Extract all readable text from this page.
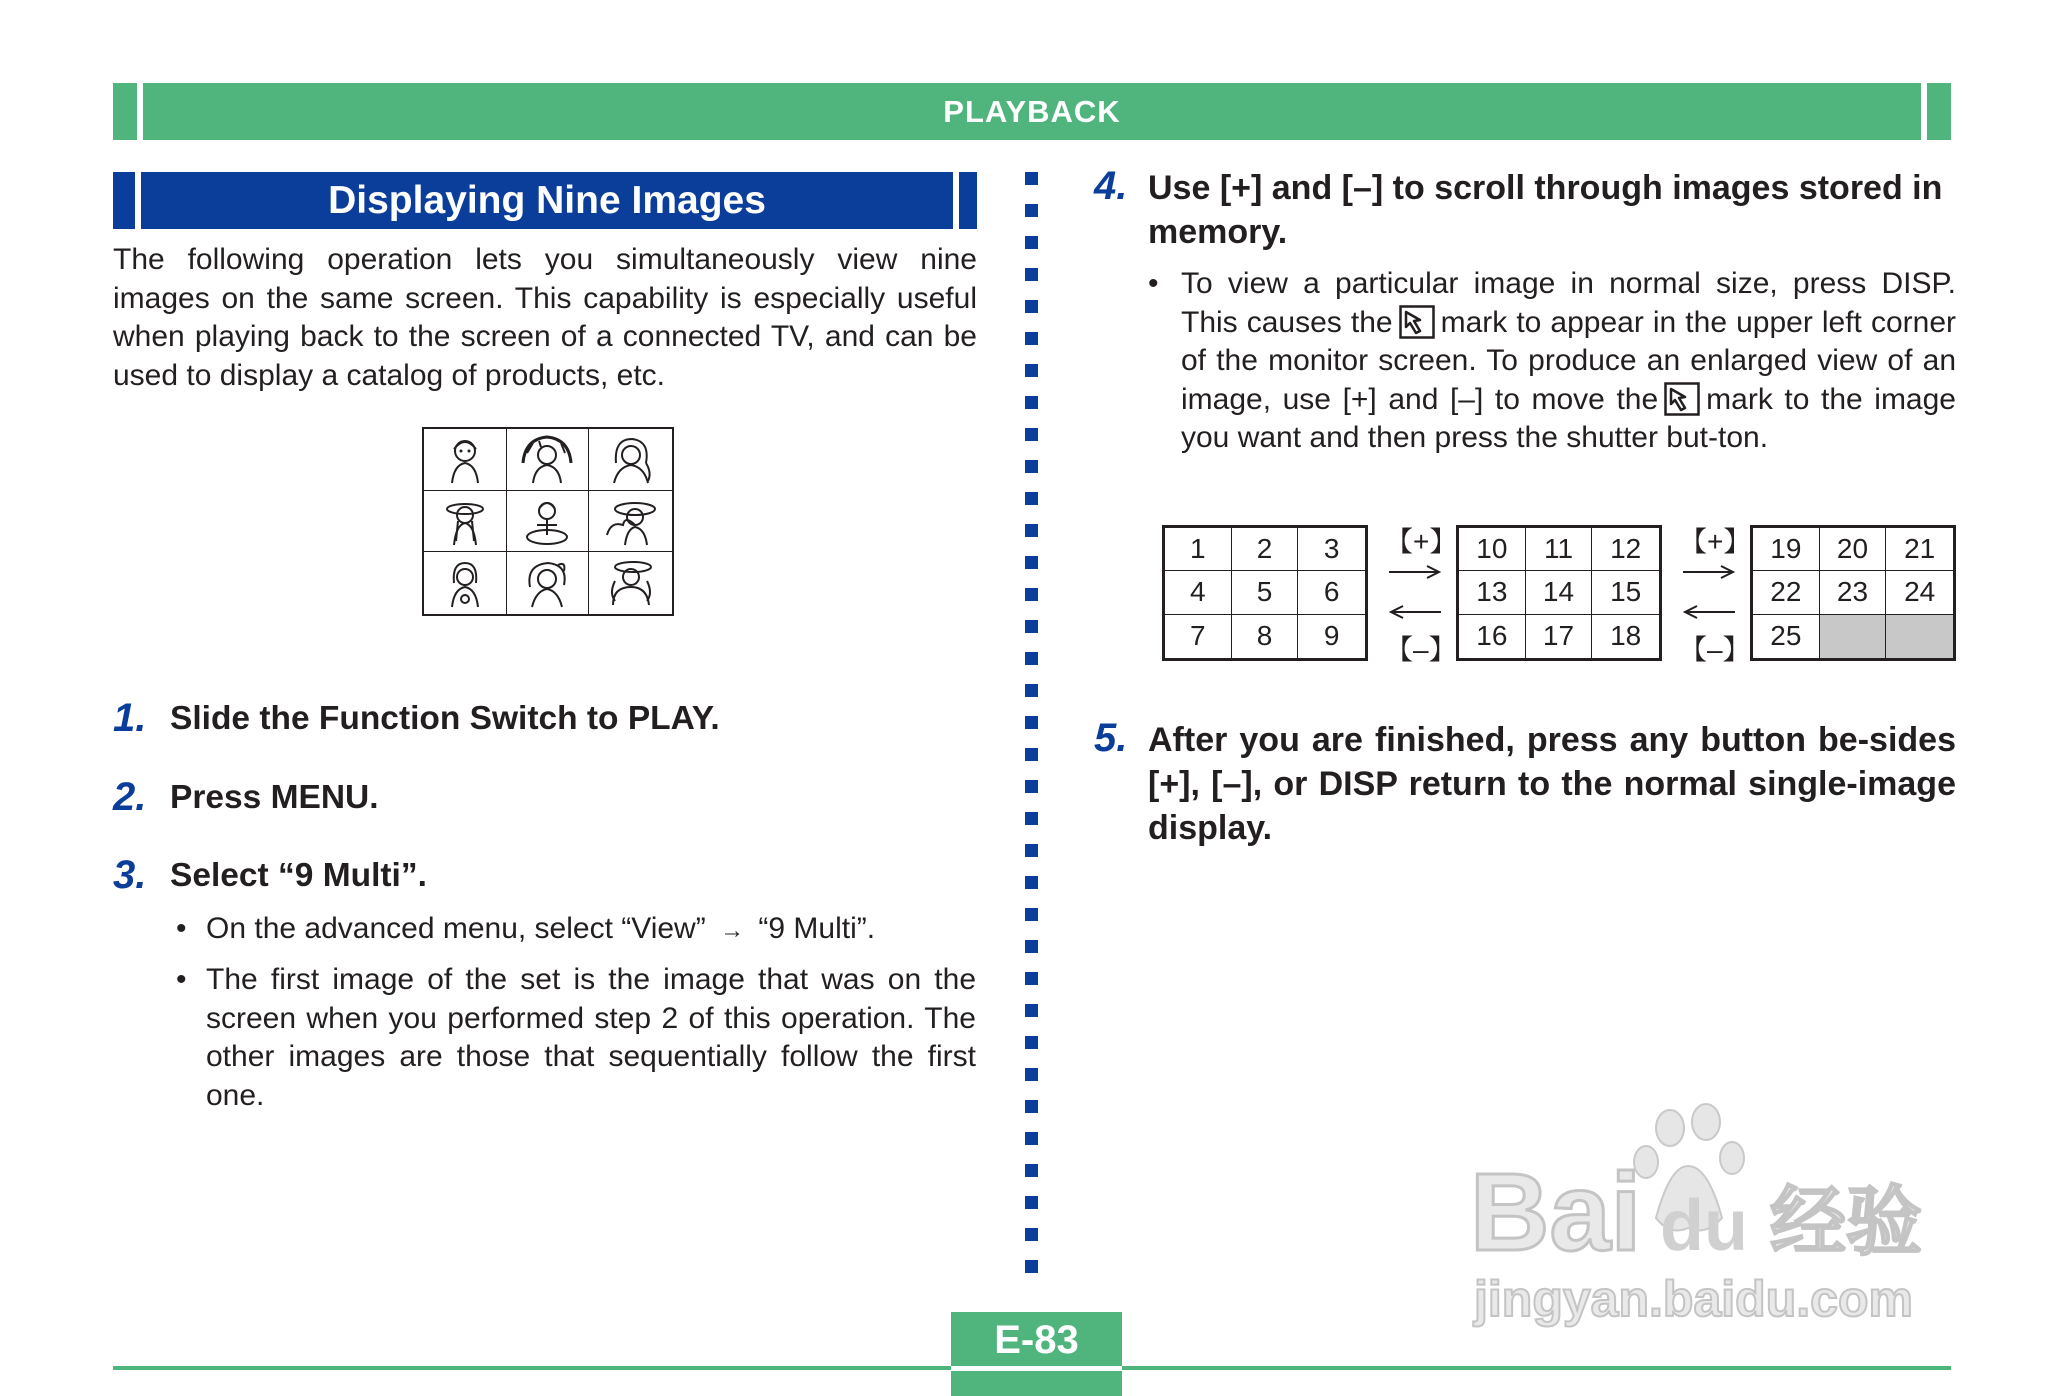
PLAYBACK
Displaying Nine Images

The following operation lets you simultaneously view nine images on the same screen. This capability is especially useful when playing back to the screen of a connected TV, and can be used to display a catalog of products, etc.

1. Slide the Function Switch to PLAY.
2. Press MENU.
3. Select “9 Multi”.
• On the advanced menu, select “View” → “9 Multi”.
• The first image of the set is the image that was on the screen when you performed step 2 of this operation. The other images are those that sequentially follow the first one.
4. Use [+] and [–] to scroll through images stored in memory.
• To view a particular image in normal size, press DISP. This causes the mark to appear in the upper left corner of the monitor screen. To produce an enlarged view of an image, use [+] and [–] to move the mark to the image you want and then press the shutter but-ton.
1	2	3
4	5	6
7	8	9
【+】
【–】
10	11	12
13	14	15
16	17	18
【+】
【–】
19	20	21
22	23	24
25
5. After you are finished, press any button be-sides [+], [–], or DISP return to the normal single-image display.
Bai du 经验
jingyan.baidu.com
E-83
